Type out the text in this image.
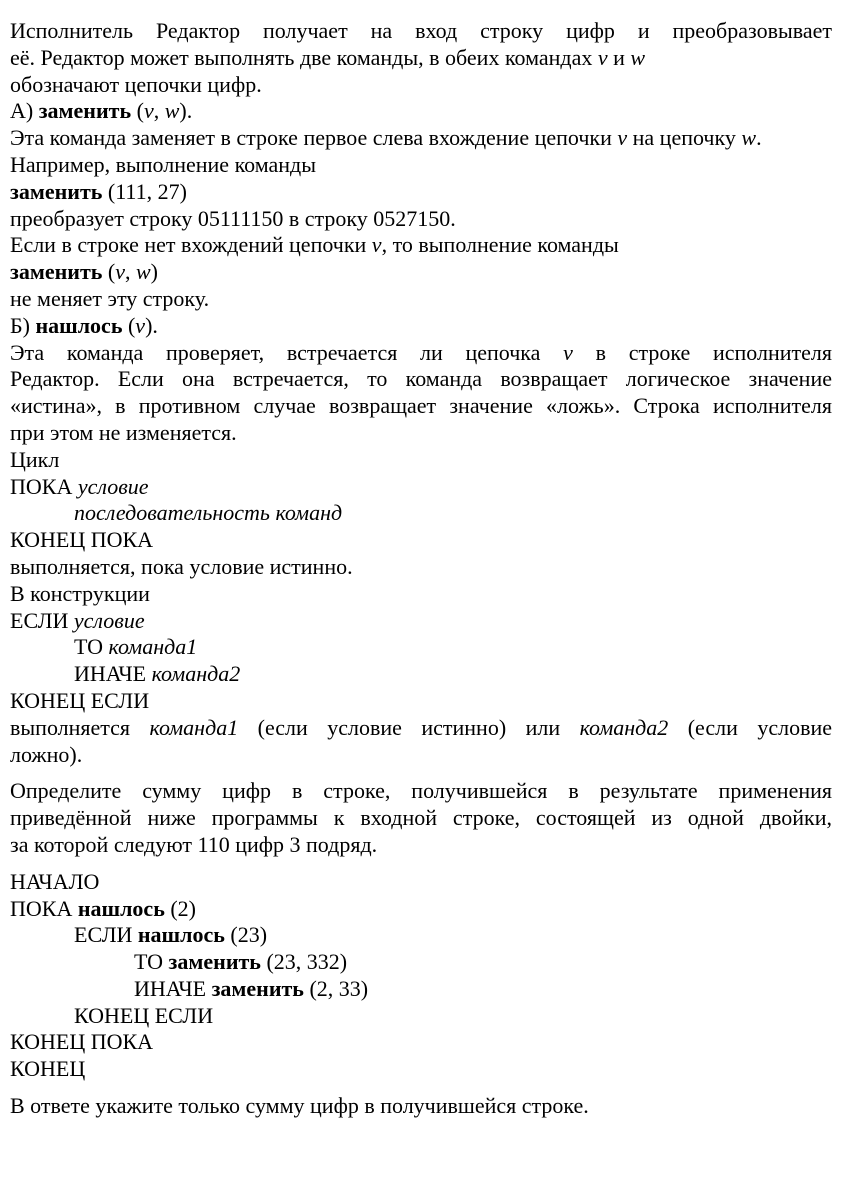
Исполнитель Редактор получает на вход строку цифр и преобразовывает
её. Редактор может выполнять две команды, в обеих командах v и w
обозначают цепочки цифр.
А) заменить (v, w).
Эта команда заменяет в строке первое слева вхождение цепочки v на цепочку w.
Например, выполнение команды
заменить (111, 27)
преобразует строку 05111150 в строку 0527150.
Если в строке нет вхождений цепочки v, то выполнение команды
заменить (v, w)
не меняет эту строку.
Б) нашлось (v).
Эта команда проверяет, встречается ли цепочка v в строке исполнителя
Редактор. Если она встречается, то команда возвращает логическое значение
«истина», в противном случае возвращает значение «ложь». Строка исполнителя
при этом не изменяется.
Цикл
ПОКА условие
последовательность команд
КОНЕЦ ПОКА
выполняется, пока условие истинно.
В конструкции
ЕСЛИ условие
ТО команда1
ИНАЧЕ команда2
КОНЕЦ ЕСЛИ
выполняется команда1 (если условие истинно) или команда2 (если условие
ложно).
Определите сумму цифр в строке, получившейся в результате применения
приведённой ниже программы к входной строке, состоящей из одной двойки,
за которой следуют 110 цифр 3 подряд.
НАЧАЛО
ПОКА нашлось (2)
ЕСЛИ нашлось (23)
ТО заменить (23, 332)
ИНАЧЕ заменить (2, 33)
КОНЕЦ ЕСЛИ
КОНЕЦ ПОКА
КОНЕЦ
В ответе укажите только сумму цифр в получившейся строке.
